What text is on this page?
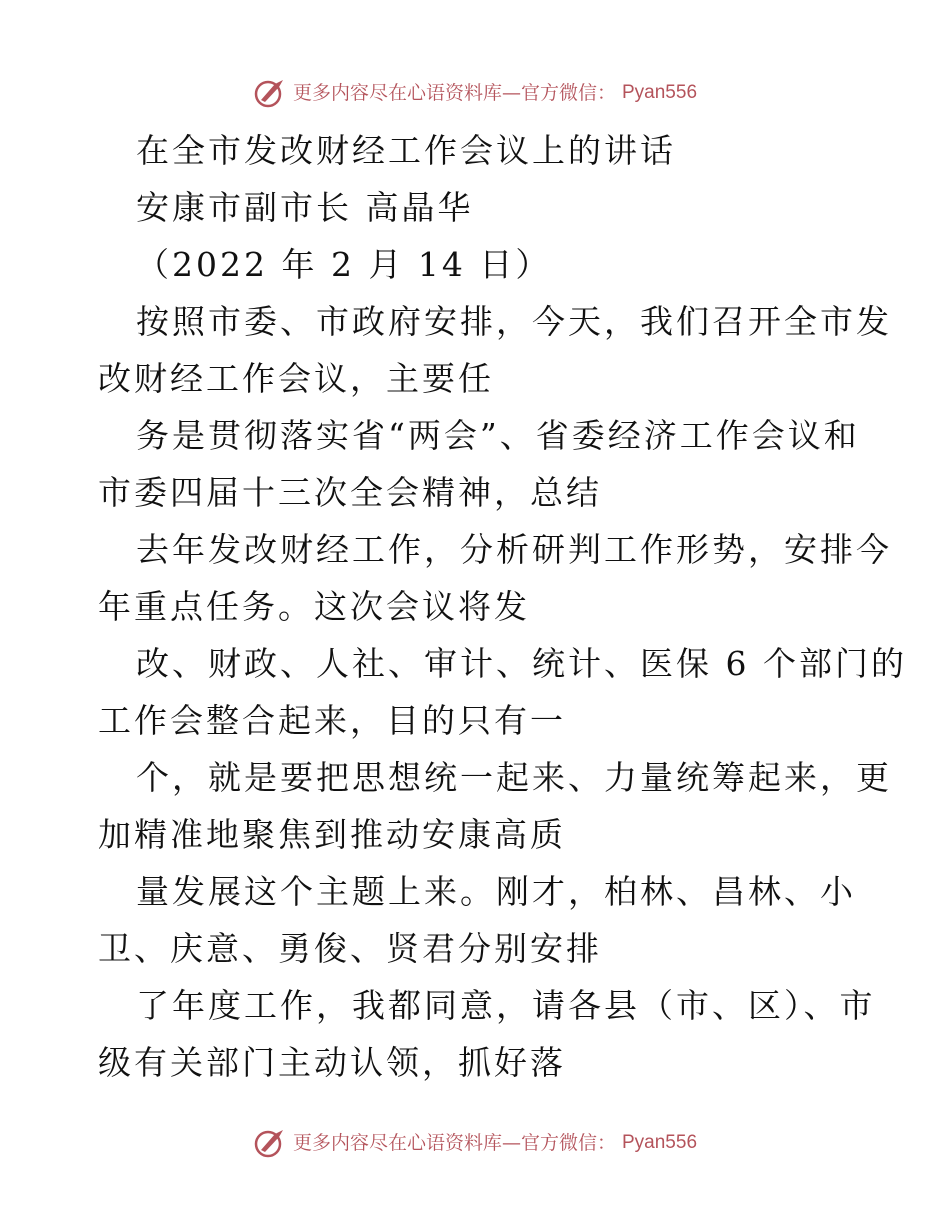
更多内容尽在心语资料库—官方微信： Pyan556
在全市发改财经工作会议上的讲话
安康市副市长 高晶华
（2022 年 2 月 14 日）
按照市委、市政府安排，今天，我们召开全市发
改财经工作会议，主要任
务是贯彻落实省“两会”、省委经济工作会议和
市委四届十三次全会精神，总结
去年发改财经工作，分析研判工作形势，安排今
年重点任务。这次会议将发
改、财政、人社、审计、统计、医保 6 个部门的
工作会整合起来，目的只有一
个，就是要把思想统一起来、力量统筹起来，更
加精准地聚焦到推动安康高质
量发展这个主题上来。刚才，柏林、昌林、小
卫、庆意、勇俊、贤君分别安排
了年度工作，我都同意，请各县（市、区）、市
级有关部门主动认领，抓好落
更多内容尽在心语资料库—官方微信： Pyan556
